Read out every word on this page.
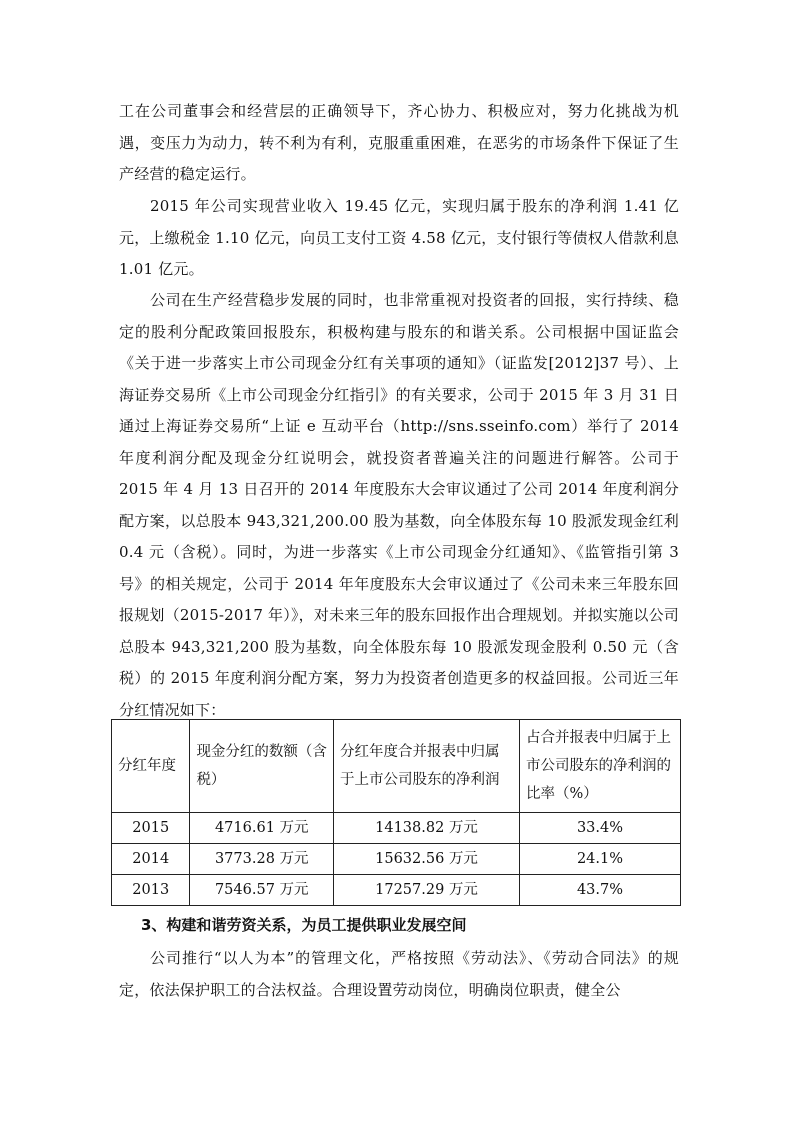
工在公司董事会和经营层的正确领导下，齐心协力、积极应对，努力化挑战为机遇，变压力为动力，转不利为有利，克服重重困难，在恶劣的市场条件下保证了生产经营的稳定运行。

2015 年公司实现营业收入 19.45 亿元，实现归属于股东的净利润 1.41 亿元，上缴税金 1.10 亿元，向员工支付工资 4.58 亿元，支付银行等债权人借款利息 1.01 亿元。

公司在生产经营稳步发展的同时，也非常重视对投资者的回报，实行持续、稳定的股利分配政策回报股东，积极构建与股东的和谐关系。公司根据中国证监会《关于进一步落实上市公司现金分红有关事项的通知》（证监发[2012]37 号）、上海证券交易所《上市公司现金分红指引》的有关要求，公司于 2015 年 3 月 31 日通过上海证券交易所“上证 e 互动平台（http://sns.sseinfo.com）举行了 2014 年度利润分配及现金分红说明会，就投资者普遍关注的问题进行解答。公司于 2015 年 4 月 13 日召开的 2014 年度股东大会审议通过了公司 2014 年度利润分配方案，以总股本 943,321,200.00 股为基数，向全体股东每 10 股派发现金红利 0.4 元（含税）。同时，为进一步落实《上市公司现金分红通知》、《监管指引第 3 号》的相关规定，公司于 2014 年年度股东大会审议通过了《公司未来三年股东回报规划（2015-2017 年）》，对未来三年的股东回报作出合理规划。并拟实施以公司总股本 943,321,200 股为基数，向全体股东每 10 股派发现金股利 0.50 元（含税）的 2015 年度利润分配方案，努力为投资者创造更多的权益回报。公司近三年分红情况如下：

分红年度	现金分红的数额（含税）	分红年度合并报表中归属于上市公司股东的净利润	占合并报表中归属于上市公司股东的净利润的比率（%）
2015	4716.61 万元	14138.82 万元	33.4%
2014	3773.28 万元	15632.56 万元	24.1%
2013	7546.57 万元	17257.29 万元	43.7%
3、构建和谐劳资关系，为员工提供职业发展空间

公司推行“以人为本”的管理文化，严格按照《劳动法》、《劳动合同法》的规定，依法保护职工的合法权益。合理设置劳动岗位，明确岗位职责，健全公
